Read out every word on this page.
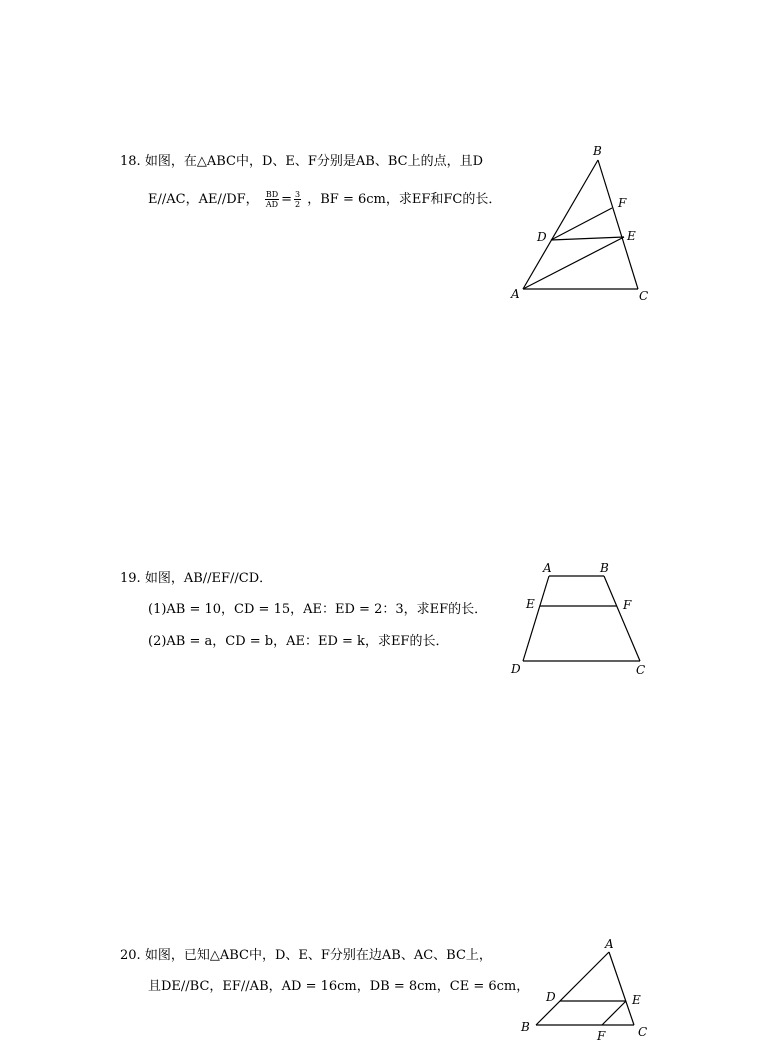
18. 如图，在△ABC中，D、E、F分别是AB、BC上的点，且D
E//AC，AE//DF， $\frac{BD}{AD} = \frac{3}{2}$ ，BF = 6cm，求EF和FC的长．
19. 如图，AB//EF//CD．
(1)AB = 10，CD = 15，AE：ED = 2：3，求EF的长．
(2)AB = a，CD = b，AE：ED = k，求EF的长．
20. 如图，已知△ABC中，D、E、F分别在边AB、AC、BC上，
且DE//BC，EF//AB，AD = 16cm，DB = 8cm，CE = 6cm，
B
F
D	E
A	C
A	B
E	F
D	C
A
D	E
B
F	C
